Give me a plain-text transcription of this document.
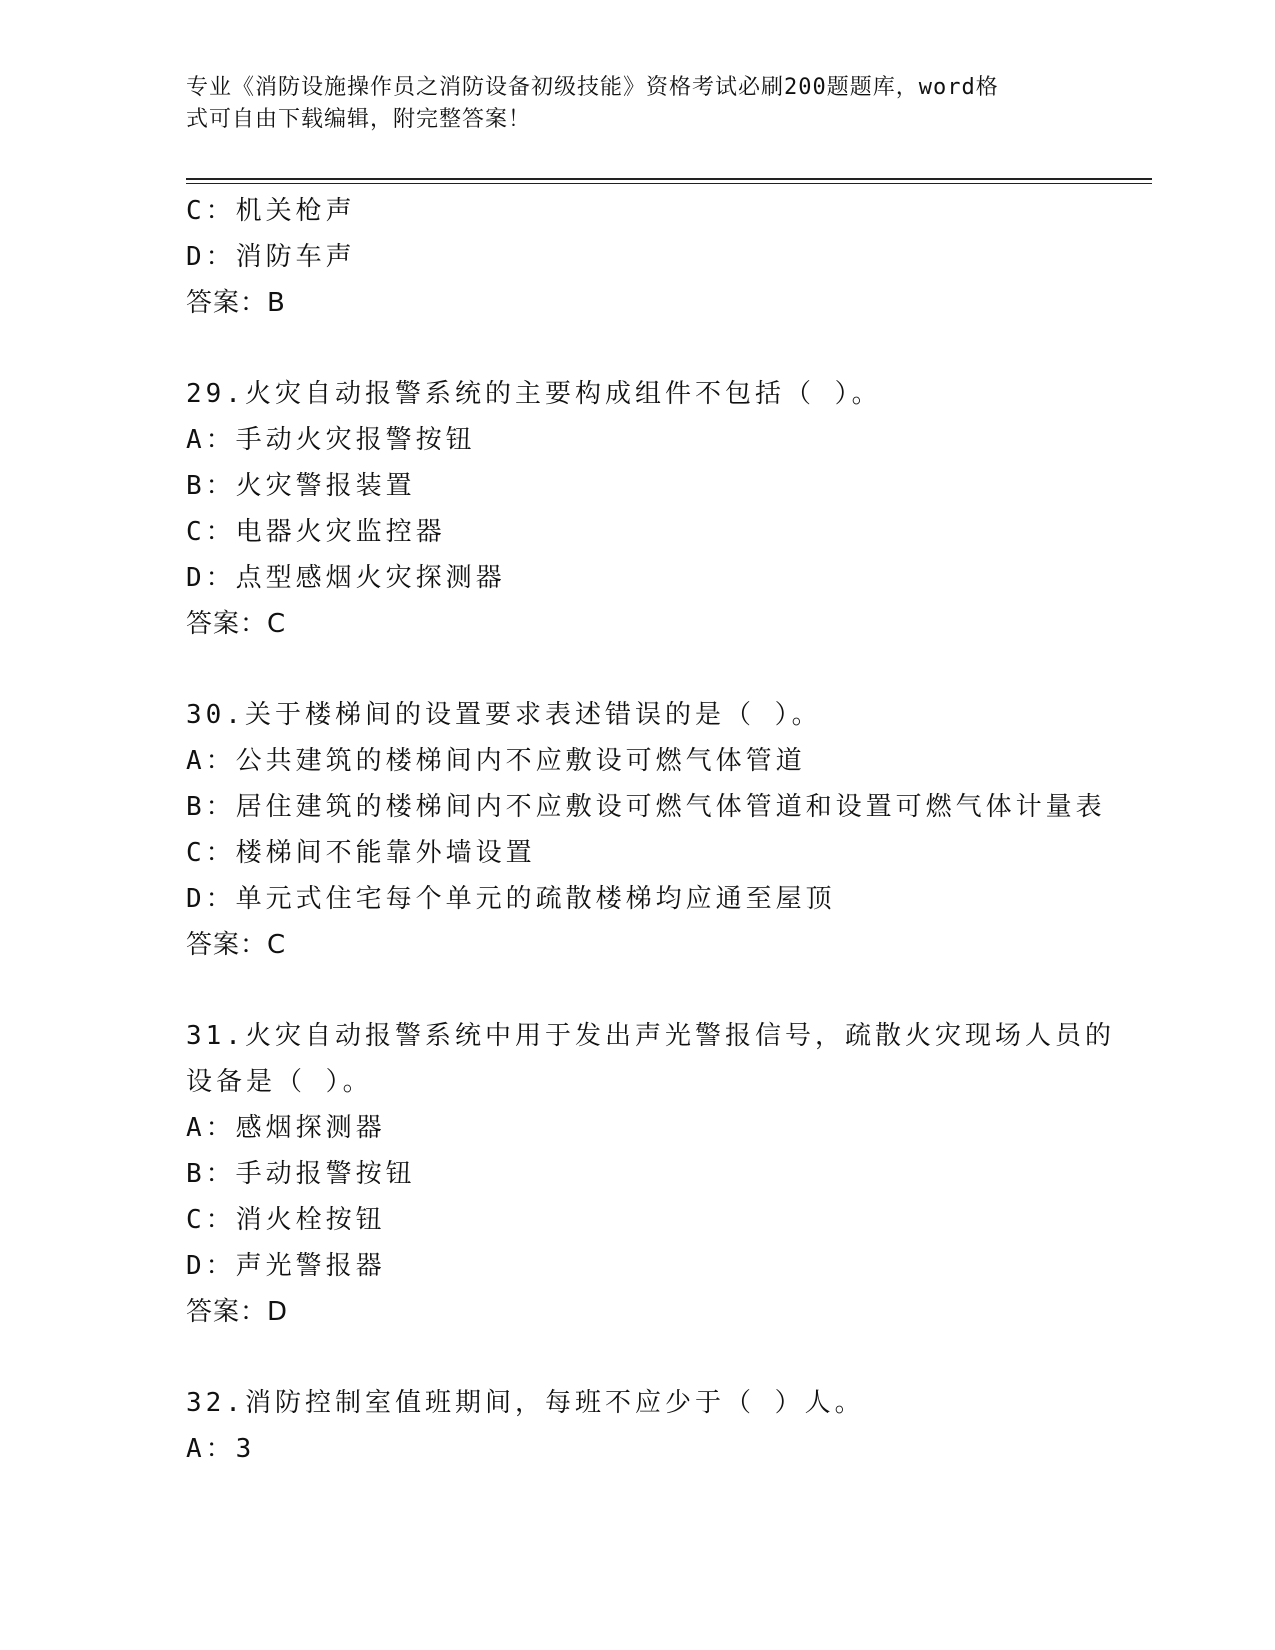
专业《消防设施操作员之消防设备初级技能》资格考试必刷200题题库，word格
式可自由下载编辑，附完整答案！
C：机关枪声
D：消防车声
答案：B
29.火灾自动报警系统的主要构成组件不包括（ ）。
A：手动火灾报警按钮
B：火灾警报装置
C：电器火灾监控器
D：点型感烟火灾探测器
答案：C
30.关于楼梯间的设置要求表述错误的是（ ）。
A：公共建筑的楼梯间内不应敷设可燃气体管道
B：居住建筑的楼梯间内不应敷设可燃气体管道和设置可燃气体计量表
C：楼梯间不能靠外墙设置
D：单元式住宅每个单元的疏散楼梯均应通至屋顶
答案：C
31.火灾自动报警系统中用于发出声光警报信号，疏散火灾现场人员的
设备是（ ）。
A：感烟探测器
B：手动报警按钮
C：消火栓按钮
D：声光警报器
答案：D
32.消防控制室值班期间，每班不应少于（ ）人。
A：3
